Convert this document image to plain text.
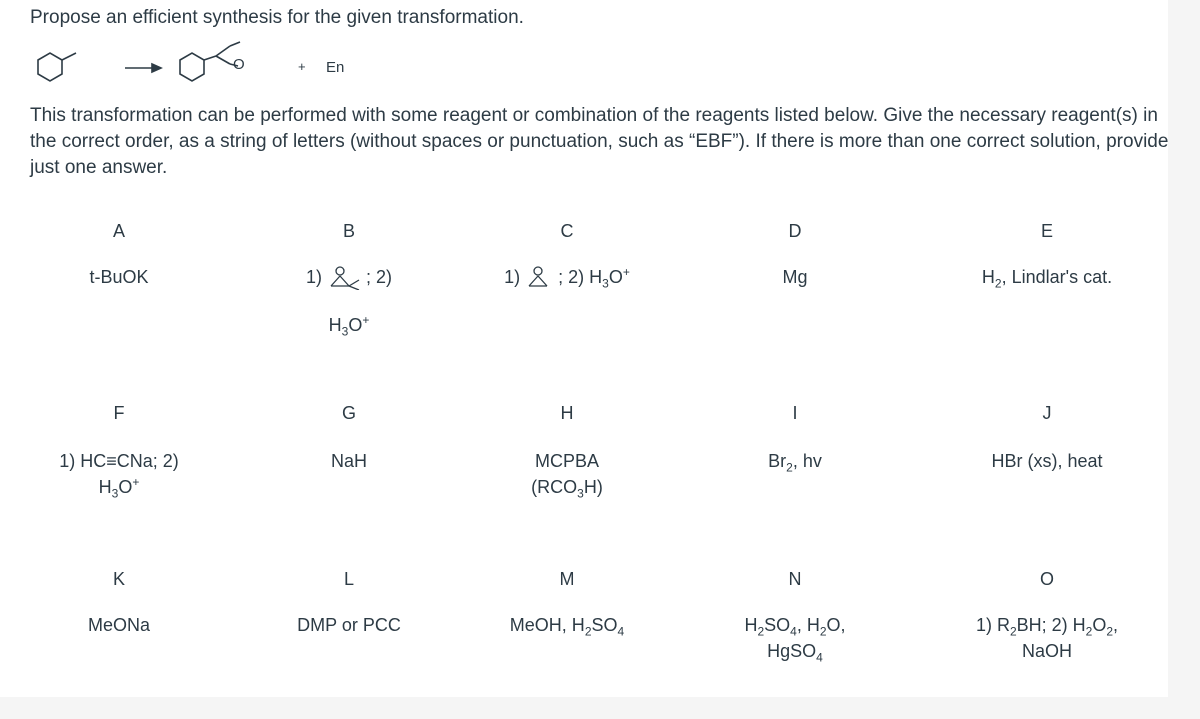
Propose an efficient synthesis for the given transformation.
O	+ En
This transformation can be performed with some reagent or combination of the reagents listed below. Give the necessary reagent(s) in the correct order, as a string of letters (without spaces or punctuation, such as “EBF”). If there is more than one correct solution, provide just one answer.
A
t-BuOK
B
1) ; 2)
$H_3O^+$
C
1)  ; 2) $H_3O^+$
D
Mg
E
$H_2$, Lindlar's cat.
F
1) HC≡CNa; 2)
$H_3O^+$
G
NaH
H
MCPBA
$(RCO_3H)$
I
$Br_2$, hv
J
HBr (xs), heat
K
MeONa
L
DMP or PCC
M
MeOH, $H_2SO_4$
N
$H_2SO_4$, $H_2O$,
HgSO$_4$
O
1) $R_2BH$; 2) $H_2O_2$,
NaOH
